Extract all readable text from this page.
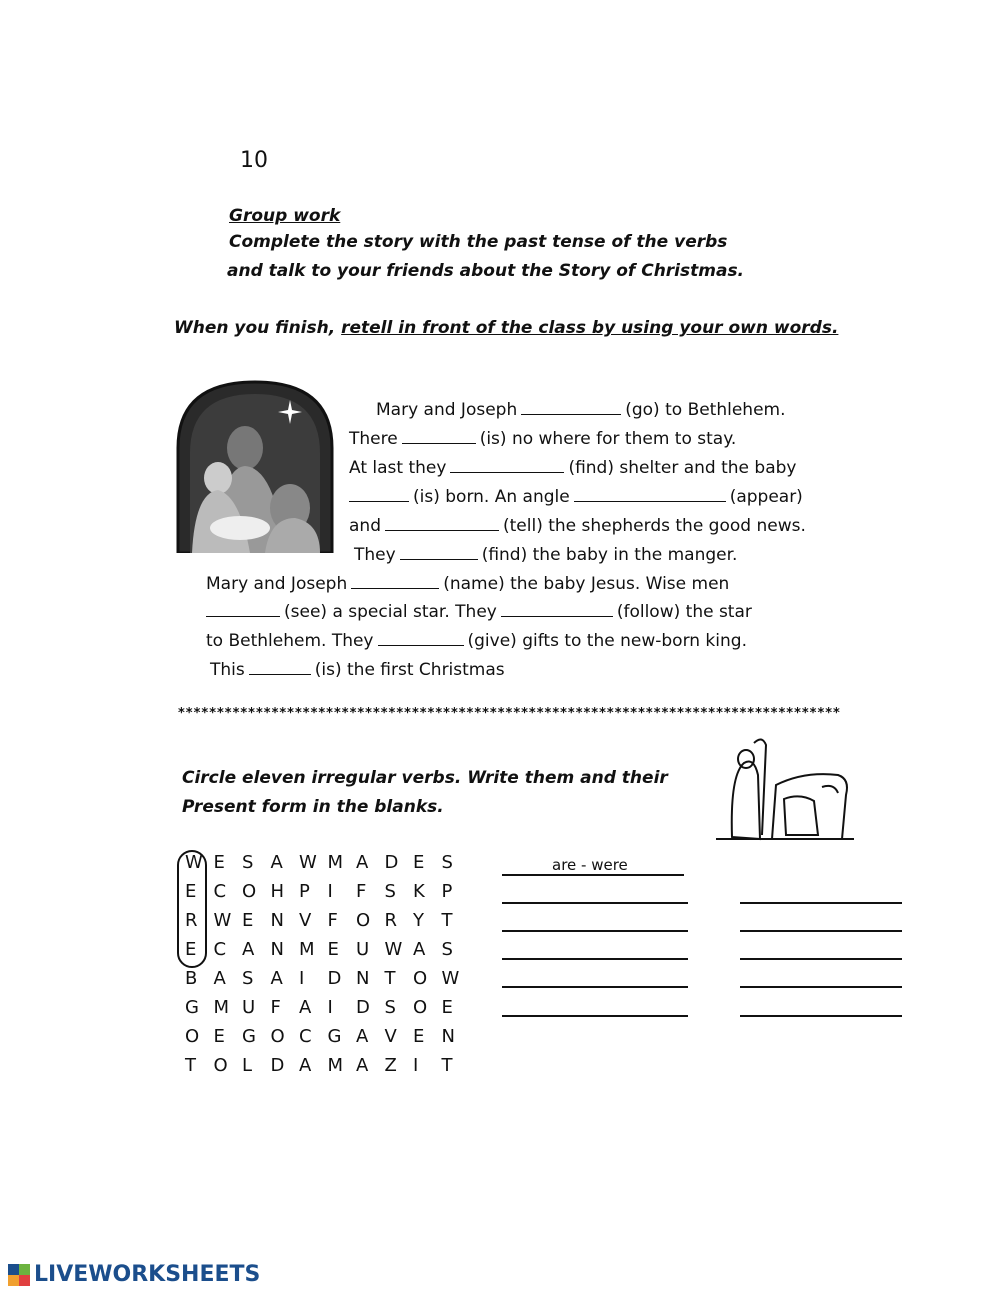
10
Group work
Complete the story with the past tense of the verbs
and talk to your friends about the Story of Christmas.
When you finish, retell in front of the class by using your own words.
Mary and Joseph	(go) to Bethlehem.
There	(is) no where for them to stay.
At last they	(find) shelter and the baby
(is) born. An angle	(appear)
and	(tell) the shepherds the good news.
They	(find) the baby in the manger.
Mary and Joseph	(name) the baby Jesus. Wise men
(see) a special star. They	(follow) the star
to Bethlehem. They	(give) gifts to the new-born king.
This	(is) the first Christmas
*************************************************************************************
Circle eleven irregular verbs. Write them and their
Present form in the blanks.
W E S A W M A D E S
E C O H P I	F	S K P
R W E N V F	O R Y T
E C A N M E U W A S
B A S A I	D N T O W
G M U F	A I	D S O E
O E G O C G A V E N
T O L	D A M A Z I	T
are - were
LIVEWORKSHEETS
